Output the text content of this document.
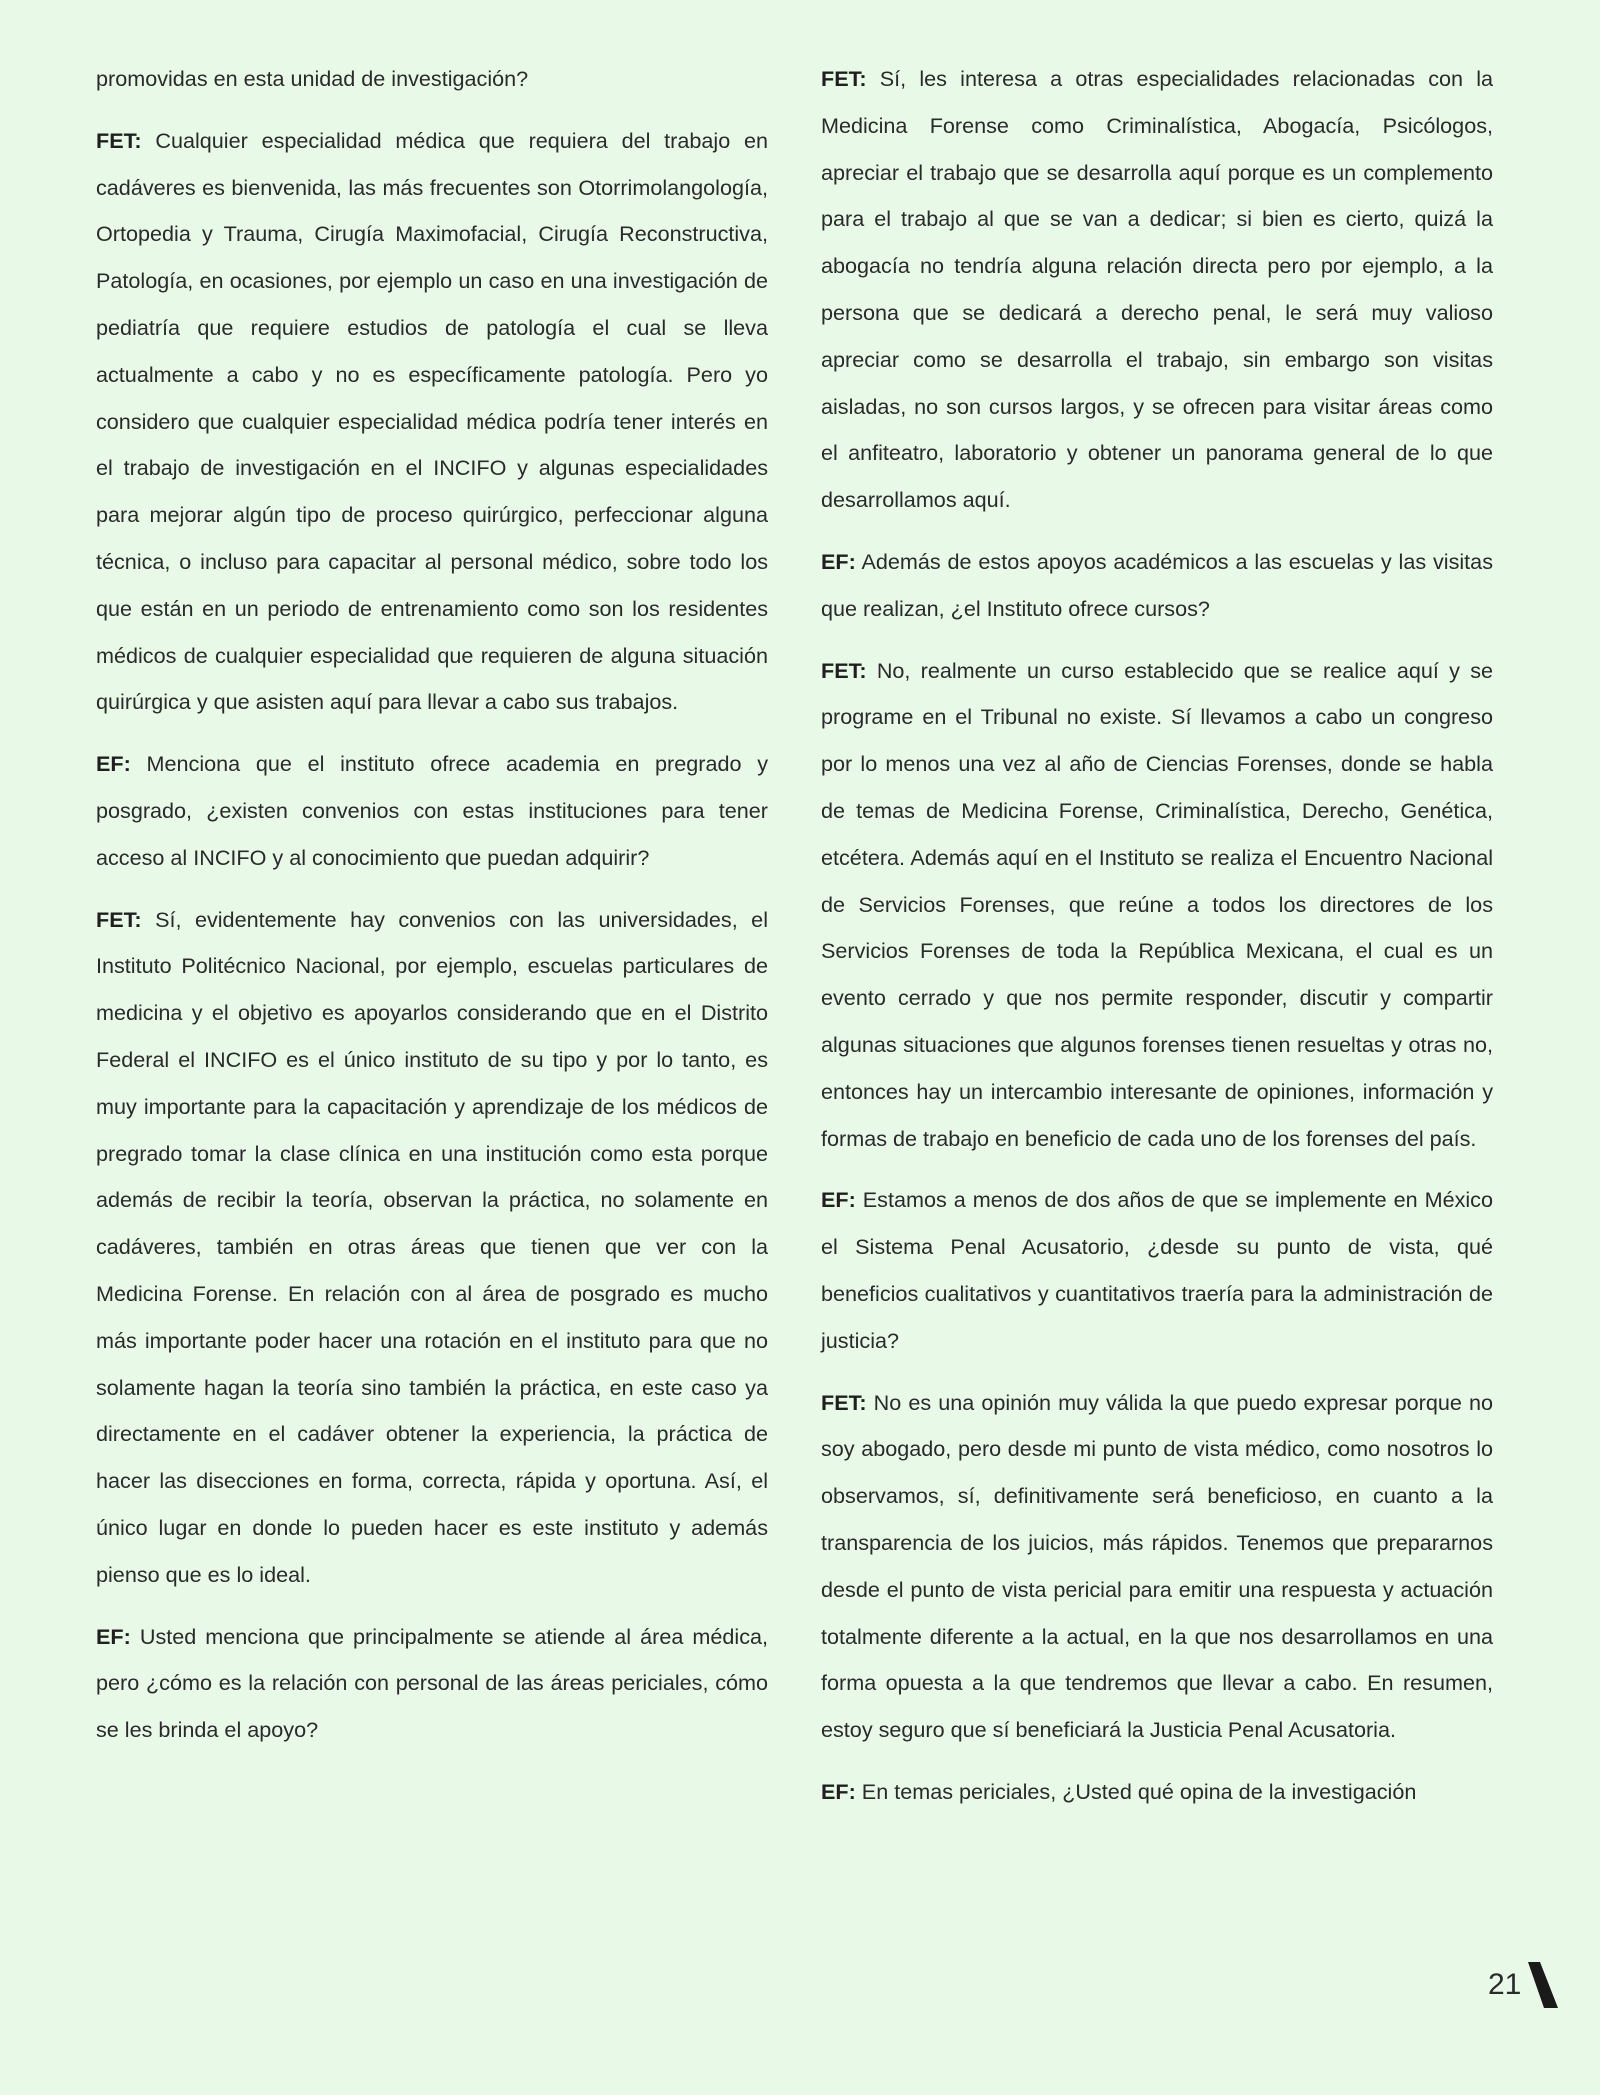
promovidas en esta unidad de investigación?

FET: Cualquier especialidad médica que requiera del trabajo en cadáveres es bienvenida, las más frecuentes son Otorrimolangología, Ortopedia y Trauma, Cirugía Maximofacial, Cirugía Reconstructiva, Patología, en ocasiones, por ejemplo un caso en una investigación de pediatría que requiere estudios de patología el cual se lleva actualmente a cabo y no es específicamente patología. Pero yo considero que cualquier especialidad médica podría tener interés en el trabajo de investigación en el INCIFO y algunas especialidades para mejorar algún tipo de proceso quirúrgico, perfeccionar alguna técnica, o incluso para capacitar al personal médico, sobre todo los que están en un periodo de entrenamiento como son los residentes médicos de cualquier especialidad que requieren de alguna situación quirúrgica y que asisten aquí para llevar a cabo sus trabajos.

EF: Menciona que el instituto ofrece academia en pregrado y posgrado, ¿existen convenios con estas instituciones para tener acceso al INCIFO y al conocimiento que puedan adquirir?

FET: Sí, evidentemente hay convenios con las universidades, el Instituto Politécnico Nacional, por ejemplo, escuelas particulares de medicina y el objetivo es apoyarlos considerando que en el Distrito Federal el INCIFO es el único instituto de su tipo y por lo tanto, es muy importante para la capacitación y aprendizaje de los médicos de pregrado tomar la clase clínica en una institución como esta porque además de recibir la teoría, observan la práctica, no solamente en cadáveres, también en otras áreas que tienen que ver con la Medicina Forense. En relación con al área de posgrado es mucho más importante poder hacer una rotación en el instituto para que no solamente hagan la teoría sino también la práctica, en este caso ya directamente en el cadáver obtener la experiencia, la práctica de hacer las disecciones en forma, correcta, rápida y oportuna. Así, el único lugar en donde lo pueden hacer es este instituto y además pienso que es lo ideal.

EF: Usted menciona que principalmente se atiende al área médica, pero ¿cómo es la relación con personal de las áreas periciales, cómo se les brinda el apoyo?

FET: Sí, les interesa a otras especialidades relacionadas con la Medicina Forense como Criminalística, Abogacía, Psicólogos, apreciar el trabajo que se desarrolla aquí porque es un complemento para el trabajo al que se van a dedicar; si bien es cierto, quizá la abogacía no tendría alguna relación directa pero por ejemplo, a la persona que se dedicará a derecho penal, le será muy valioso apreciar como se desarrolla el trabajo, sin embargo son visitas aisladas, no son cursos largos, y se ofrecen para visitar áreas como el anfiteatro, laboratorio y obtener un panorama general de lo que desarrollamos aquí.

EF: Además de estos apoyos académicos a las escuelas y las visitas que realizan, ¿el Instituto ofrece cursos?

FET: No, realmente un curso establecido que se realice aquí y se programe en el Tribunal no existe. Sí llevamos a cabo un congreso por lo menos una vez al año de Ciencias Forenses, donde se habla de temas de Medicina Forense, Criminalística, Derecho, Genética, etcétera. Además aquí en el Instituto se realiza el Encuentro Nacional de Servicios Forenses, que reúne a todos los directores de los Servicios Forenses de toda la República Mexicana, el cual es un evento cerrado y que nos permite responder, discutir y compartir algunas situaciones que algunos forenses tienen resueltas y otras no, entonces hay un intercambio interesante de opiniones, información y formas de trabajo en beneficio de cada uno de los forenses del país.

EF: Estamos a menos de dos años de que se implemente en México el Sistema Penal Acusatorio, ¿desde su punto de vista, qué beneficios cualitativos y cuantitativos traería para la administración de justicia?

FET: No es una opinión muy válida la que puedo expresar porque no soy abogado, pero desde mi punto de vista médico, como nosotros lo observamos, sí, definitivamente será beneficioso, en cuanto a la transparencia de los juicios, más rápidos. Tenemos que prepararnos desde el punto de vista pericial para emitir una respuesta y actuación totalmente diferente a la actual, en la que nos desarrollamos en una forma opuesta a la que tendremos que llevar a cabo. En resumen, estoy seguro que sí beneficiará la Justicia Penal Acusatoria.

EF: En temas periciales, ¿Usted qué opina de la investigación

21
